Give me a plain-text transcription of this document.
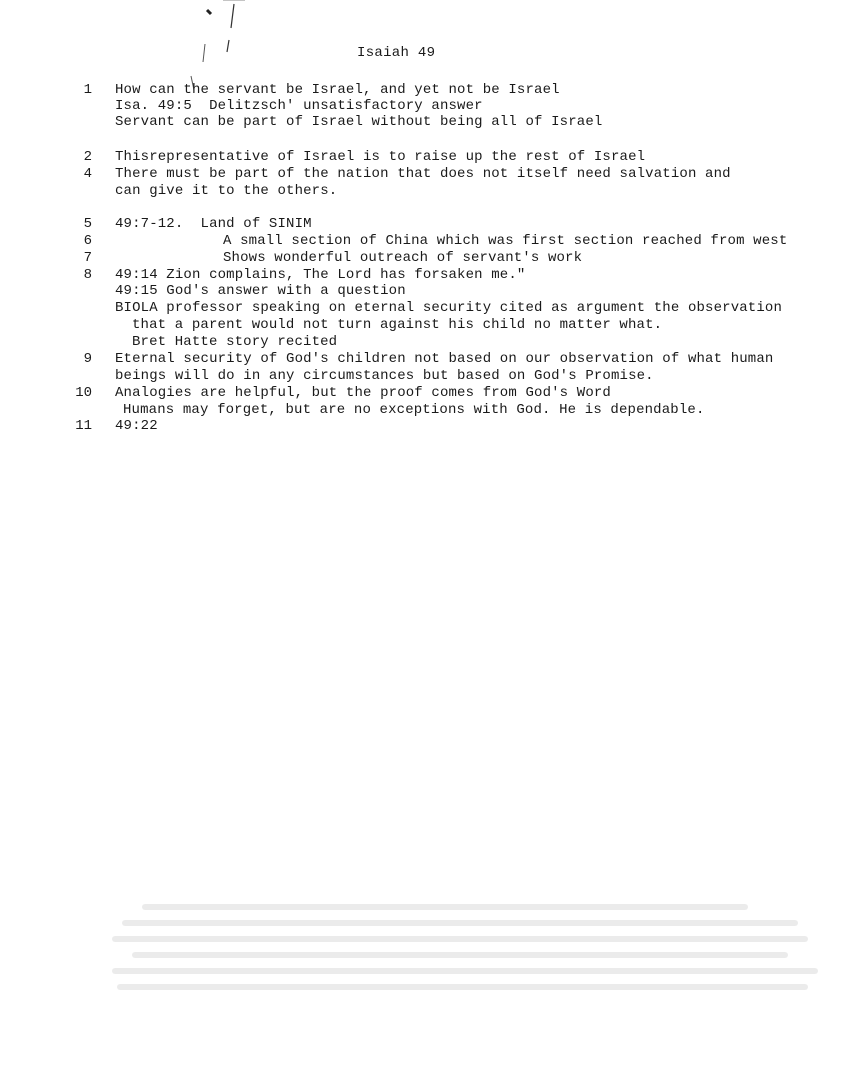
Isaiah 49
1 How can the servant be Israel, and yet not be Israel
Isa. 49:5  Delitzsch' unsatisfactory answer
Servant can be part of Israel without being all of Israel
2 Thisrepresentative of Israel is to raise up the rest of Israel
4 There must be part of the nation that does not itself need salvation and
can give it to the others.
5 49:7-12.  Land of SINIM
6	A small section of China which was first section reached from west
7	Shows wonderful outreach of servant's work
8 49:14 Zion complains, The Lord has forsaken me."
49:15 God's answer with a question
BIOLA professor speaking on eternal security cited as argument the observation
that a parent would not turn against his child no matter what.
Bret Hatte story recited
9 Eternal security of God's children not based on our observation of what human
beings will do in any circumstances but based on God's Promise.
10 Analogies are helpful, but the proof comes from God's Word
Humans may forget, but are no exceptions with God. He is dependable.
11 49:22
